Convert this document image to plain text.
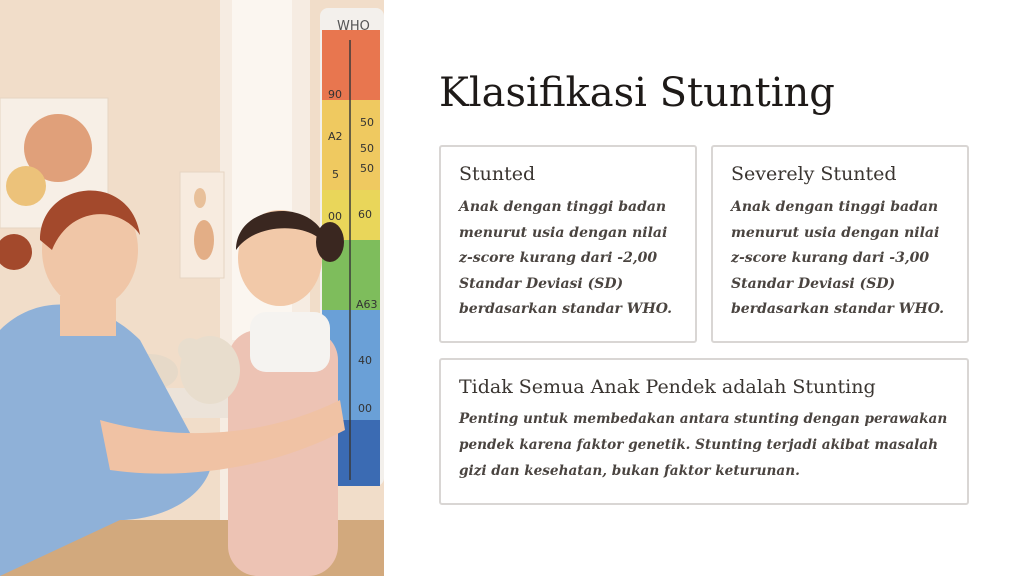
WHO
90
50
A2
50
5 50
00 60
A63
40
00
Klasifikasi Stunting
Stunted

Anak dengan tinggi badan menurut usia dengan nilai z-score kurang dari -2,00 Standar Deviasi (SD) berdasarkan standar WHO.

Severely Stunted

Anak dengan tinggi badan menurut usia dengan nilai z-score kurang dari -3,00 Standar Deviasi (SD) berdasarkan standar WHO.

Tidak Semua Anak Pendek adalah Stunting

Penting untuk membedakan antara stunting dengan perawakan pendek karena faktor genetik. Stunting terjadi akibat masalah gizi dan kesehatan, bukan faktor keturunan.
